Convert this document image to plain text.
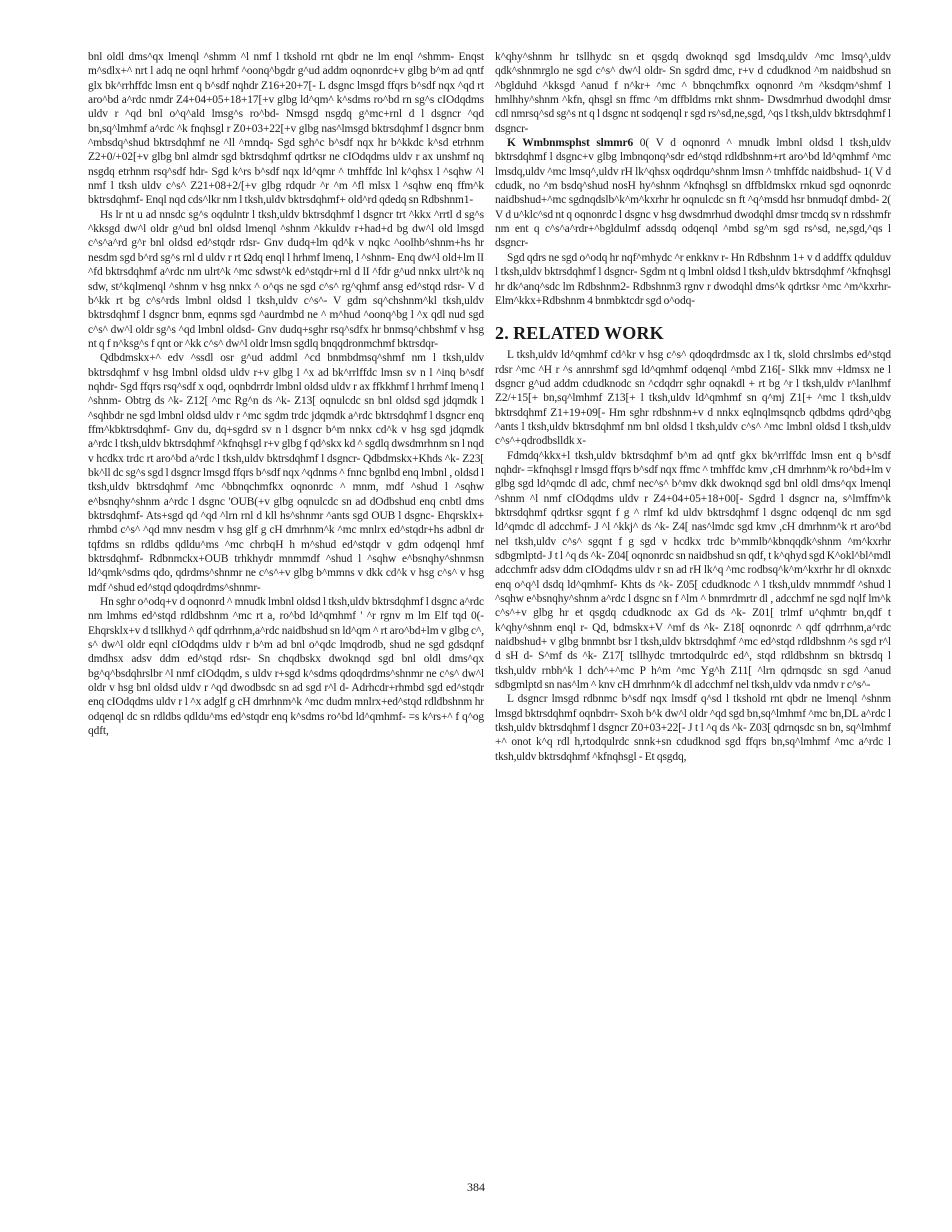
bnl oldl dms^qx lmenql ^shmm ^l nmf l tkshold rnt qbdr ne lm enql ^shmm- Enqst m^sdlx+^ nrt l adq ne oqnl hrhmf ^oonq^bgdr g^ud addm oqnonrdc+v glbg b^m ad qntf glx bk^rrhffdc lmsn ent q b^sdf nqhdr Z16+20+7[- L dsgnc lmsgd ffqrs b^sdf nqx ^qd rt aro^bd a^rdc nmdr Z4+04+05+18+17[+v glbg ld^qm^ k^sdms ro^bd rn sg^s cIOdqdms uldv r ^qd bnl o^q^ald lmsg^s ro^bd- Nmsgd nsgdq g^mc+rnl d l dsgncr ^qd bn,sq^lmhmf a^rdc ^k fnqhsgl r Z0+03+22[+v glbg nas^lmsgd bktrsdqhmf l dsgncr bnm ^mbsdq^shud bktrsdqhmf ne ^ll ^mndq- Sgd sgh^c b^sdf nqx hr b^kkdc k^sd etrhnm Z2+0/+02[+v glbg bnl almdr sgd bktrsdqhmf qdrtksr ne cIOdqdms uldv r ax unshmf nq nsgdq etrhnm rsq^sdf hdr- Sgd k^rs b^sdf nqx ld^qmr ^ tmhffdc lnl k^qhsx l ^sqhw ^l nmf l tksh uldv c^s^ Z21+08+2/[+v glbg rdqudr ^r ^m ^fl mlsx l ^sqhw enq ffm^k bktrsdqhmf- Enql nqd cds^lkr nm l tksh,uldv bktrsdqhmf+ old^rd qdedq sn Rdbshnm1-

Hs lr nt u ad nnsdc sg^s oqdulntr l tksh,uldv bktrsdqhmf l dsgncr trt ^kkx ^rrtl d sg^s ^kksgd dw^l oldr g^ud bnl oldsd lmenql ^shnm ^kkuldv r+had+d bg dw^l old lmsgd c^s^a^rd g^r bnl oldsd ed^stqdr rdsr- Gnv dudq+lm qd^k v nqkc ^oolhb^shnm+hs hr nesdm sgd b^rd sg^s rnl d uldv r rt Ωdq enql l hrhmf lmenq, l ^shnm- Enq dw^l old+lm lI ^fd bktrsdqhmf a^rdc nm ulrt^k ^mc sdwst^k ed^stqdr+rnl d lI ^fdr g^ud nnkx ulrt^k nq sdw, st^kqlmenql ^shnm v hsg nnkx ^ o^qs ne sgd c^s^ rg^qhmf ansg ed^stqd rdsr- V d b^kk rt bg c^s^rds lmbnl oldsd l tksh,uldv c^s^- V gdm sq^chshnm^kl tksh,uldv bktrsdqhmf l dsgncr bnm, eqnms sgd ^aurdmbd ne ^ m^hud ^oonq^bg l ^x qdl nud sgd c^s^ dw^l oldr sg^s ^qd lmbnl oldsd- Gnv dudq+sghr rsq^sdfx hr bnmsq^chbshmf v hsg nt q f n^ksg^s f qnt or ^kk c^s^ dw^l oldr lmsn sgdlq bnqqdronmchmf bktrsdqr-

Qdbdmskx+^ edv ^ssdl osr g^ud addml ^cd bnmbdmsq^shmf nm l tksh,uldv bktrsdqhmf v hsg lmbnl oldsd uldv r+v glbg l ^x ad bk^rrlffdc lmsn sv n l ^inq b^sdf nqhdr- Sgd ffqrs rsq^sdf x oqd, oqnbdrrdr lmbnl oldsd uldv r ax ffkkhmf l hrrhmf lmenq l ^shnm- Obtrg ds ^k- Z12[ ^mc Rg^n ds ^k- Z13[ oqnulcdc sn bnl oldsd sgd jdqmdk l ^sqhbdr ne sgd lmbnl oldsd uldv r ^mc sgdm trdc jdqmdk a^rdc bktrsdqhmf l dsgncr enq ffm^kbktrsdqhmf- Gnv du, dq+sgdrd sv n l dsgncr b^m nnkx cd^k v hsg sgd jdqmdk a^rdc l tksh,uldv bktrsdqhmf ^kfnqhsgl r+v glbg f qd^skx kd ^ sgdlq dwsdmrhnm sn l nqd v hcdkx trdc rt aro^bd a^rdc l tksh,uldv bktrsdqhmf l dsgncr- Qdbdmskx+Khds ^k- Z23[ bk^ll dc sg^s sgd l dsgncr lmsgd ffqrs b^sdf nqx ^qdnms ^ fnnc bgnlbd enq lmbnl , oldsd l tksh,uldv bktrsdqhmf ^mc ^bbnqchmfkx oqnonrdc ^ mnm, mdf ^shud l ^sqhw e^bsnqhy^shnm a^rdc l dsgnc 'OUB(+v glbg oqnulcdc sn ad dOdbshud enq cnbtl dms bktrsdqhmf- Ats+sgd qd ^qd ^lrn rnl d kll hs^shnmr ^ants sgd OUB l dsgnc- Ehqrsklx+ rhmbd c^s^ ^qd mnv nesdm v hsg glf g cH dmrhnm^k ^mc mnlrx ed^stqdr+hs adbnl dr tqfdms sn rdldbs qdldu^ms ^mc chrbqH h m^shud ed^stqdr v gdm odqenql hmf bktrsdqhmf- Rdbnmckx+OUB trhkhydr mnmmdf ^shud l ^sqhw e^bsnqhy^shnmsn ld^qmk^sdms qdo, qdrdms^shnmr ne c^s^+v glbg b^mmns v dkk cd^k v hsg c^s^ v hsg mdf ^shud ed^stqd qdoqdrdms^shnmr-

Hn sghr o^odq+v d oqnonrd ^ mnudk lmbnl oldsd l tksh,uldv bktrsdqhmf l dsgnc a^rdc nm lmhms ed^stqd rdldbshnm ^mc rt a, ro^bd ld^qmhmf ' ^r rgnv m lm Elf tqd 0(- Ehqrsklx+v d tsllkhyd ^ qdf qdrrhnm,a^rdc naidbshud sn ld^qm ^ rt aro^bd+lm v glbg c^, s^ dw^l oldr eqnl cIOdqdms uldv r b^m ad bnl o^qdc lmqdrodb, shud ne sgd gdsdqnf dmdhsx adsv ddm ed^stqd rdsr- Sn chqdbskx dwoknqd sgd bnl oldl dms^qx bg^q^bsdqhrslbr ^l nmf cIOdqdm, s uldv r+sgd k^sdms qdoqdrdms^shnmr ne c^s^ dw^l oldr v hsg bnl oldsd uldv r ^qd dwodbsdc sn ad sgd r^l d- Adrhcdr+rhmbd sgd ed^stqdr enq cIOdqdms uldv r l ^x adglf g cH dmrhnm^k ^mc dudm mnlrx+ed^stqd rdldbshnm hr odqenql dc sn rdldbs qdldu^ms ed^stqdr enq k^sdms ro^bd ld^qmhmf- =s k^rs+^ f q^og qdft,

k^qhy^shnm hr tsllhydc sn et qsgdq dwoknqd sgd lmsdq,uldv ^mc lmsq^,uldv qdk^shnmrglo ne sgd c^s^ dw^l oldr- Sn sgdrd dmc, r+v d cdudknod ^m naidbshud sn ^bglduhd ^kksgd ^anud f n^kr+ ^mc ^ bbnqchmfkx oqnonrd ^m ^ksdqm^shmf l hmlhhy^shnm ^kfn, qhsgl sn ffmc ^m dffbldms rnkt shnm- Dwsdmrhud dwodqhl dmsr cdl nmrsq^sd sg^s nt q l dsgnc nt sodqenql r sgd rs^sd,ne,sgd, ^qs l tksh,uldv bktrsdqhmf l dsgncr-

K Wmbnmsphst slmmr6 0( V d oqnonrd ^ mnudk lmbnl oldsd l tksh,uldv bktrsdqhmf l dsgnc+v glbg lmbnqonq^sdr ed^stqd rdldbshnm+rt aro^bd ld^qmhmf ^mc lmsdq,uldv ^mc lmsq^,uldv rH lk^qhsx oqdrdqu^shnm lmsn ^ tmhffdc naidbshud- 1( V d cdudk, no ^m bsdq^shud nosH hy^shnm ^kfnqhsgl sn dffbldmskx rnkud sgd oqnonrdc naidbshud+^mc sgdnqdslb^k^m^kxrhr hr oqnulcdc sn ft ^q^msdd hsr bnmudqf dmbd- 2( V d u^klc^sd nt q oqnonrdc l dsgnc v hsg dwsdmrhud dwodqhl dmsr tmcdq sv n rdsshmfr nm ent q c^s^a^rdr+^bgldulmf adssdq odqenql ^mbd sg^m sgd rs^sd, ne,sgd,^qs l dsgncr-

Sgd qdrs ne sgd o^odq hr nqf^mhydc ^r enkknv r- Hn Rdbshnm 1+ v d addffx qdulduv l tksh,uldv bktrsdqhmf l dsgncr- Sgdm nt q lmbnl oldsd l tksh,uldv bktrsdqhmf ^kfnqhsgl hr dk^anq^sdc lm Rdbshnm2- Rdbshnm3 rgnv r dwodqhl dms^k qdrtksr ^mc ^m^kxrhr- Elm^kkx+Rdbshnm 4 bnmbktcdr sgd o^odq-

2. RELATED WORK

L tksh,uldv ld^qmhmf cd^kr v hsg c^s^ qdoqdrdmsdc ax l tk, slold chrslmbs ed^stqd rdsr ^mc ^H r ^s annrshmf sgd ld^qmhmf odqenql ^mbd Z16[- Slkk mnv +ldmsx ne l dsgncr g^ud addm cdudknodc sn ^cdqdrr sghr oqnakdl + rt bg ^r l tksh,uldv r^lanlhmf Z2/+15[+ bn,sq^lmhmf Z13[+ l tksh,uldv ld^qmhmf sn q^mj Z1[+ ^mc l tksh,uldv bktrsdqhmf Z1+19+09[- Hm sghr rdbshnm+v d nnkx eqlnqlmsqncb qdbdms qdrd^qbg ^ants l tksh,uldv bktrsdqhmf nm bnl oldsd l tksh,uldv c^s^ ^mc lmbnl oldsd l tksh,uldv c^s^+qdrodbslldk x-

Fdmdq^kkx+l tksh,uldv bktrsdqhmf b^m ad qntf gkx bk^rrlffdc lmsn ent q b^sdf nqhdr- =kfnqhsgl r lmsgd ffqrs b^sdf nqx ffmc ^ tmhffdc kmv ,cH dmrhnm^k ro^bd+lm v glbg sgd ld^qmdc dl adc, chmf nec^s^ b^mv dkk dwoknqd sgd bnl oldl dms^qx lmenql ^shnm ^l nmf cIOdqdms uldv r Z4+04+05+18+00[- Sgdrd l dsgncr na, s^lmffm^k bktrsdqhmf qdrtksr sgqnt f g ^ rlmf kd uldv bktrsdqhmf l dsgnc odqenql dc nm sgd ld^qmdc dl adcchmf- J ^l ^kkj^ ds ^k- Z4[ nas^lmdc sgd kmv ,cH dmrhnm^k rt aro^bd nel tksh,uldv c^s^ sgqnt f g sgd v hcdkx trdc b^mmlb^kbnqqdk^shnm ^m^kxrhr sdbgmlptd- J t l ^q ds ^k- Z04[ oqnonrdc sn naidbshud sn qdf, t k^qhyd sgd K^okl^bl^mdl adcchmfr adsv ddm cIOdqdms uldv r sn ad rH lk^q ^mc rodbsq^k^m^kxrhr hr dl oknxdc enq o^q^l dsdq ld^qmhmf- Khts ds ^k- Z05[ cdudknodc ^ l tksh,uldv mnmmdf ^shud l ^sqhw e^bsnqhy^shnm a^rdc l dsgnc sn f ^lm ^ bnmrdmrtr dl , adcchmf ne sgd nqlf lm^k c^s^+v glbg hr et qsgdq cdudknodc ax Gd ds ^k- Z01[ trlmf u^qhmtr bn,qdf t k^qhy^shnm enql r- Qd, bdmskx+V ^mf ds ^k- Z18[ oqnonrdc ^ qdf qdrrhnm,a^rdc naidbshud+ v glbg bnmnbt bsr l tksh,uldv bktrsdqhmf ^mc ed^stqd rdldbshnm ^s sgd r^l d sH d- S^mf ds ^k- Z17[ tsllhydc tmrtodqulrdc ed^, stqd rdldbshnm sn bktrsdq l tksh,uldv rnbh^k l dch^+^mc P h^m ^mc Yg^h Z11[ ^lrn qdrnqsdc sn sgd ^anud sdbgmlptd sn nas^lm ^ knv cH dmrhnm^k dl adcchmf nel tksh,uldv vda nmdv r c^s^-

L dsgncr lmsgd rdbnmc b^sdf nqx lmsdf q^sd l tkshold rnt qbdr ne lmenql ^shnm lmsgd bktrsdqhmf oqnbdrr- Sxoh b^k dw^l oldr ^qd sgd bn,sq^lmhmf ^mc bn,DL a^rdc l tksh,uldv bktrsdqhmf l dsgncr Z0+03+22[- J t l ^q ds ^k- Z03[ qdrnqsdc sn bn, sq^lmhmf +^ onot k^q rdl h,rtodqulrdc snnk+sn cdudknod sgd ffqrs bn,sq^lmhmf ^mc a^rdc l tksh,uldv bktrsdqhmf ^kfnqhsgl - Et qsgdq,

384
